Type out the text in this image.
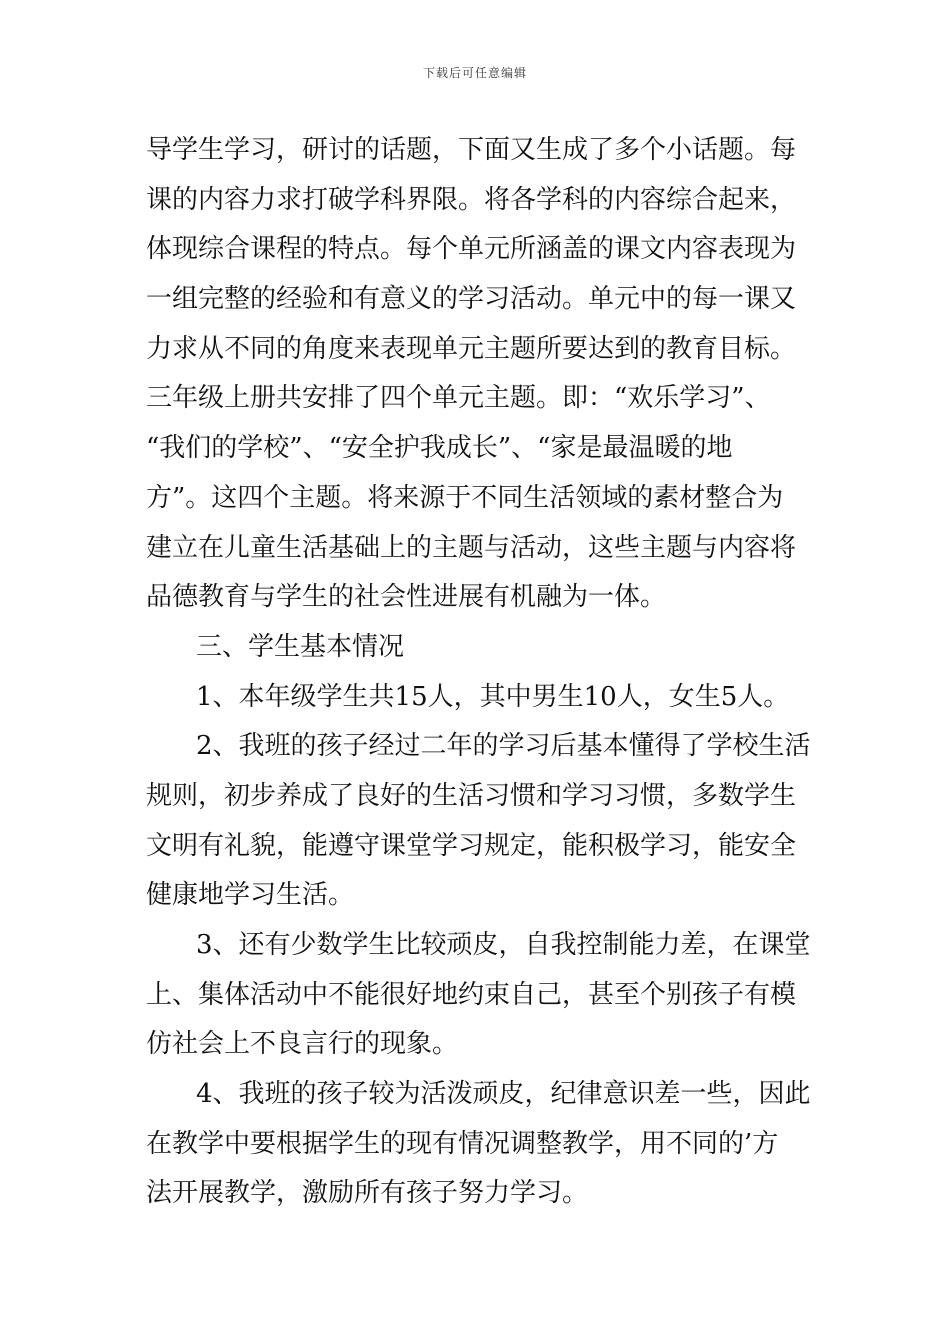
下载后可任意编辑
导学生学习，研讨的话题，下面又生成了多个小话题。每
课的内容力求打破学科界限。将各学科的内容综合起来，
体现综合课程的特点。每个单元所涵盖的课文内容表现为
一组完整的经验和有意义的学习活动。单元中的每一课又
力求从不同的角度来表现单元主题所要达到的教育目标。
三年级上册共安排了四个单元主题。即：“欢乐学习”、
“我们的学校”、“安全护我成长”、“家是最温暖的地
方”。这四个主题。将来源于不同生活领域的素材整合为
建立在儿童生活基础上的主题与活动，这些主题与内容将
品德教育与学生的社会性进展有机融为一体。
三、学生基本情况
1、本年级学生共15人，其中男生10人，女生5人。
2、我班的孩子经过二年的学习后基本懂得了学校生活
规则，初步养成了良好的生活习惯和学习习惯，多数学生
文明有礼貌，能遵守课堂学习规定，能积极学习，能安全
健康地学习生活。
3、还有少数学生比较顽皮，自我控制能力差，在课堂
上、集体活动中不能很好地约束自己，甚至个别孩子有模
仿社会上不良言行的现象。
4、我班的孩子较为活泼顽皮，纪律意识差一些，因此
在教学中要根据学生的现有情况调整教学，用不同的’方
法开展教学，激励所有孩子努力学习。
